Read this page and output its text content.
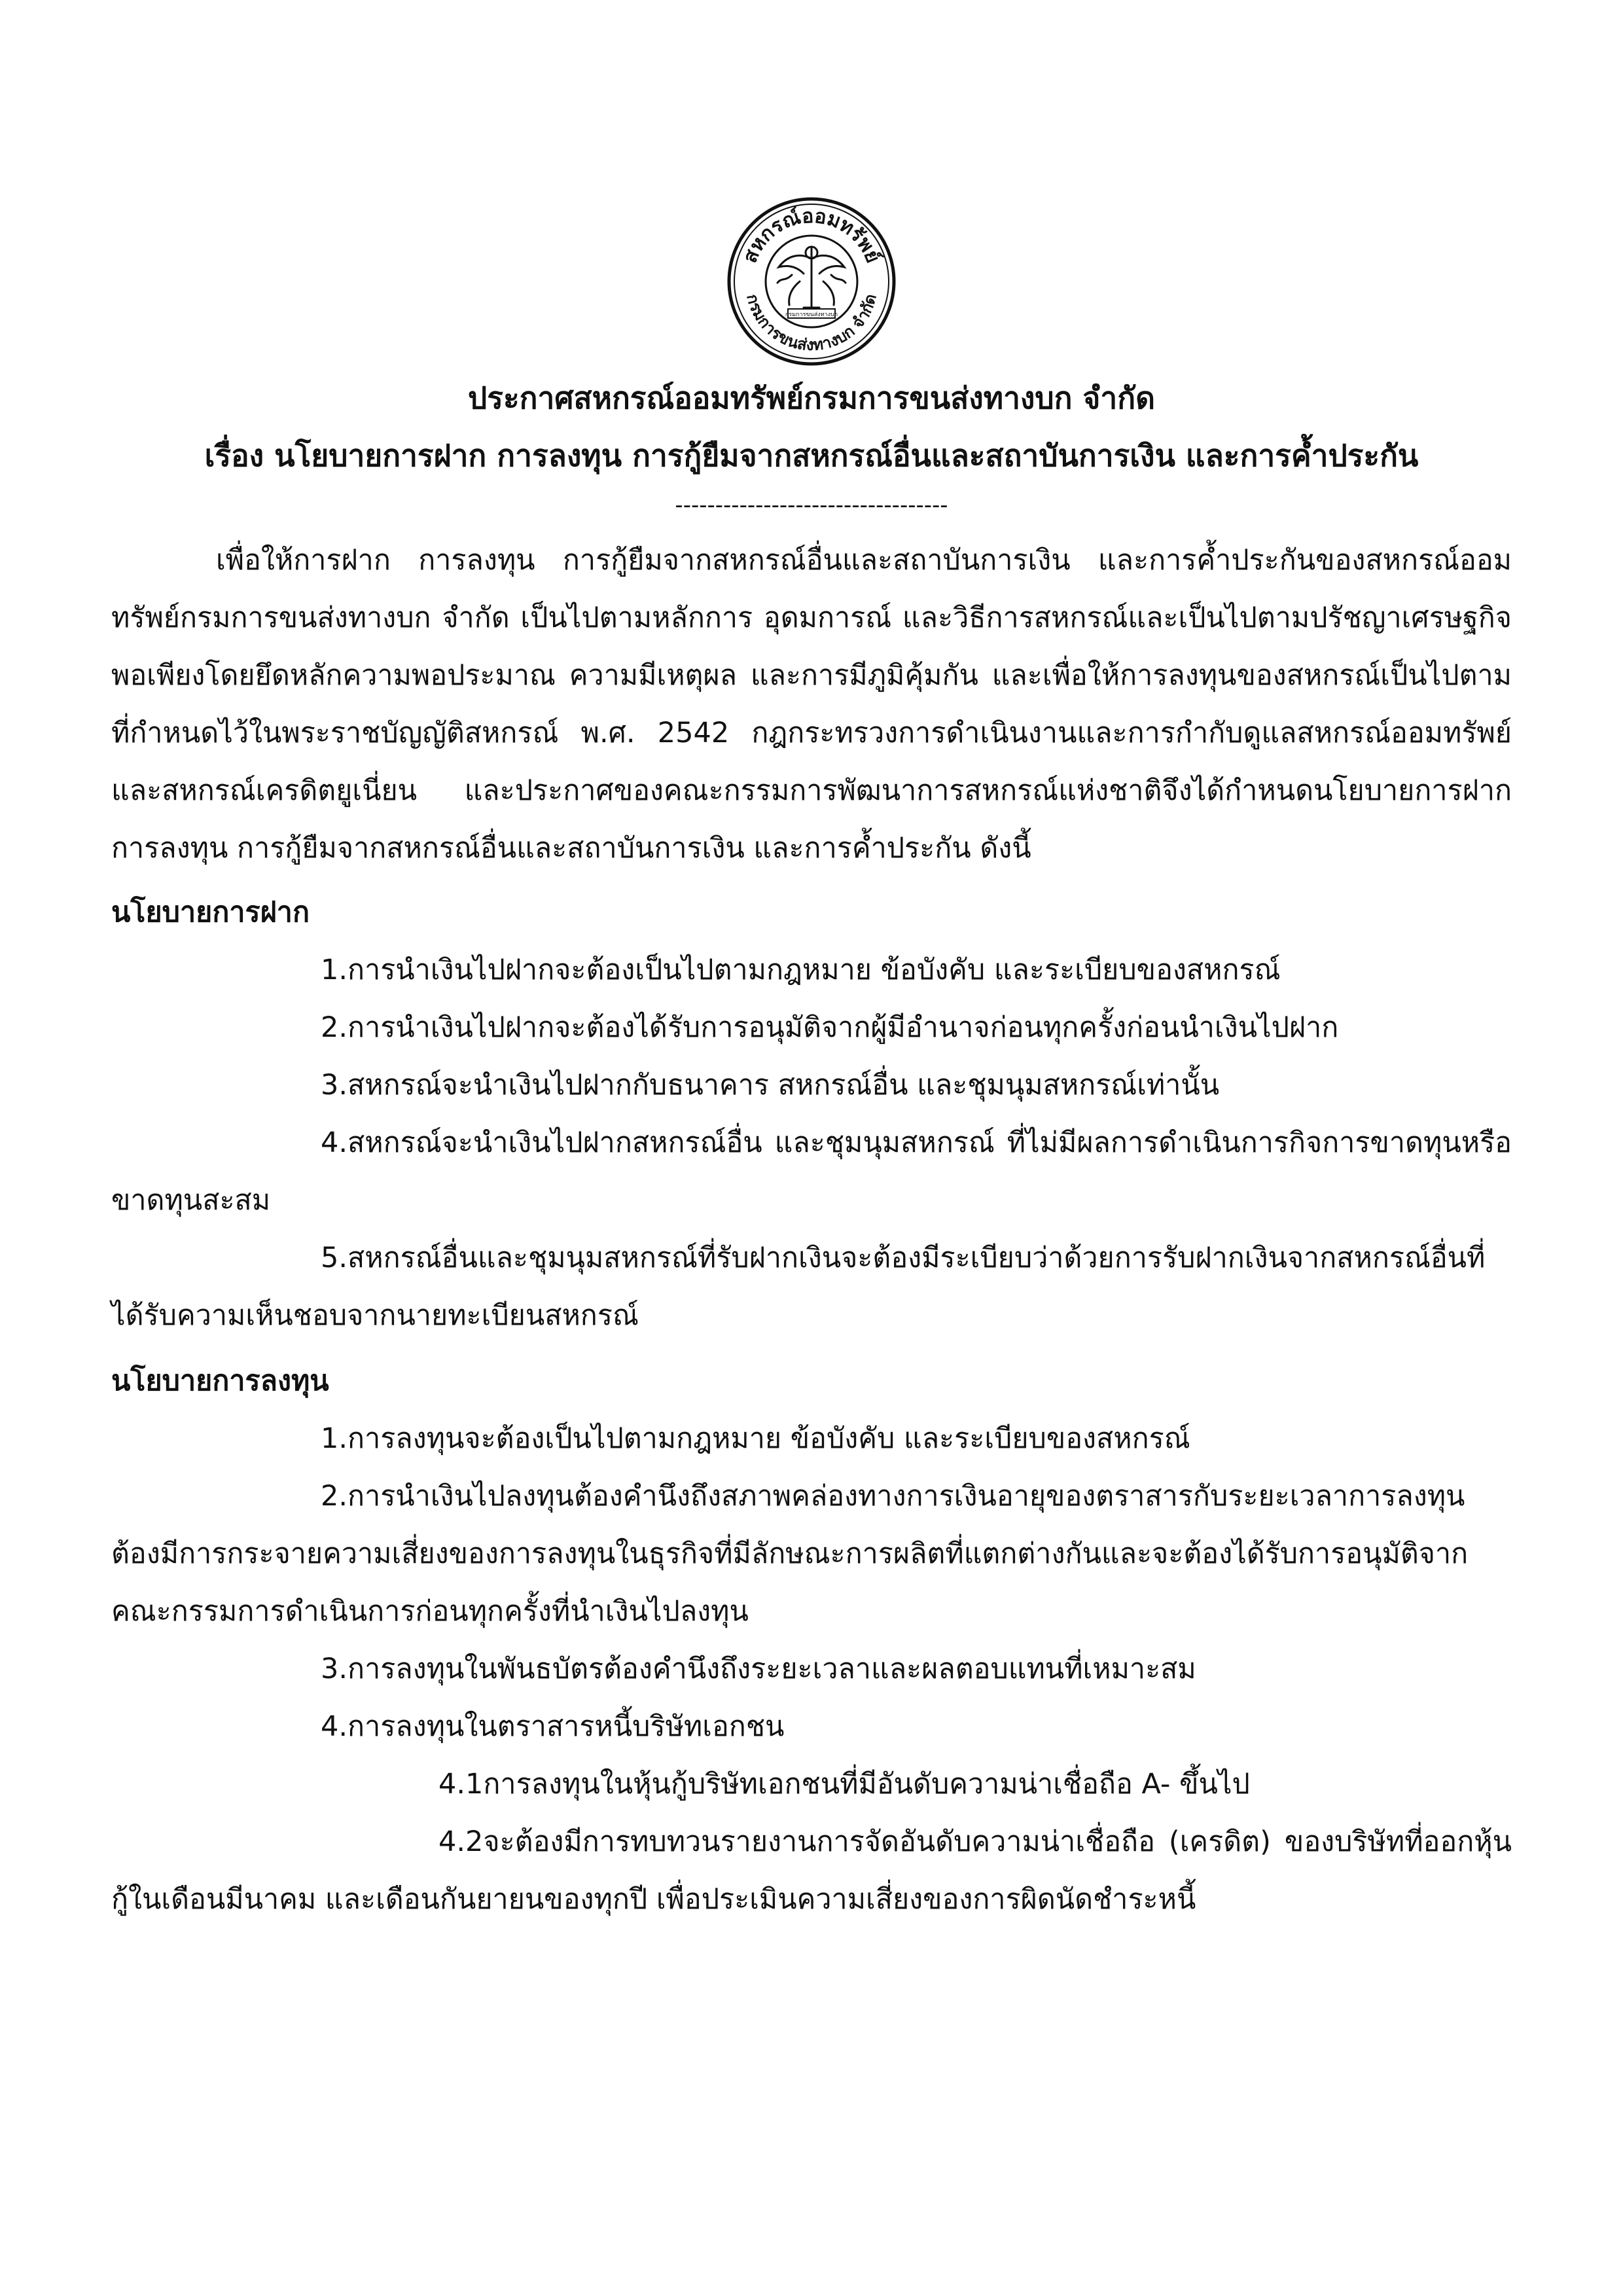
สหกรณ์ออมทรัพย์
กรมการขนส่งทางบก จำกัด
กรมการขนส่งทางบก
ประกาศสหกรณ์ออมทรัพย์กรมการขนส่งทางบก จำกัด
เรื่อง นโยบายการฝาก การลงทุน การกู้ยืมจากสหกรณ์อื่นและสถาบันการเงิน และการค้ำประกัน
----------------------------------

เพื่อให้การฝาก การลงทุน การกู้ยืมจากสหกรณ์อื่นและสถาบันการเงิน และการค้ำประกันของสหกรณ์ออมทรัพย์กรมการขนส่งทางบก จำกัด เป็นไปตามหลักการ อุดมการณ์ และวิธีการสหกรณ์และเป็นไปตามปรัชญาเศรษฐกิจพอเพียงโดยยึดหลักความพอประมาณ ความมีเหตุผล และการมีภูมิคุ้มกัน และเพื่อให้การลงทุนของสหกรณ์เป็นไปตามที่กำหนดไว้ในพระราชบัญญัติสหกรณ์ พ.ศ. 2542 กฎกระทรวงการดำเนินงานและการกำกับดูแลสหกรณ์ออมทรัพย์และสหกรณ์เครดิตยูเนี่ยน และประกาศของคณะกรรมการพัฒนาการสหกรณ์แห่งชาติจึงได้กำหนดนโยบายการฝาก การลงทุน การกู้ยืมจากสหกรณ์อื่นและสถาบันการเงิน และการค้ำประกัน ดังนี้

นโยบายการฝาก

1.การนำเงินไปฝากจะต้องเป็นไปตามกฎหมาย ข้อบังคับ และระเบียบของสหกรณ์

2.การนำเงินไปฝากจะต้องได้รับการอนุมัติจากผู้มีอำนาจก่อนทุกครั้งก่อนนำเงินไปฝาก

3.สหกรณ์จะนำเงินไปฝากกับธนาคาร สหกรณ์อื่น และชุมนุมสหกรณ์เท่านั้น

4.สหกรณ์จะนำเงินไปฝากสหกรณ์อื่น และชุมนุมสหกรณ์ ที่ไม่มีผลการดำเนินการกิจการขาดทุนหรือขาดทุนสะสม

5.สหกรณ์อื่นและชุมนุมสหกรณ์ที่รับฝากเงินจะต้องมีระเบียบว่าด้วยการรับฝากเงินจากสหกรณ์อื่นที่ได้รับความเห็นชอบจากนายทะเบียนสหกรณ์

นโยบายการลงทุน

1.การลงทุนจะต้องเป็นไปตามกฎหมาย ข้อบังคับ และระเบียบของสหกรณ์

2.การนำเงินไปลงทุนต้องคำนึงถึงสภาพคล่องทางการเงินอายุของตราสารกับระยะเวลาการลงทุนต้องมีการกระจายความเสี่ยงของการลงทุนในธุรกิจที่มีลักษณะการผลิตที่แตกต่างกันและจะต้องได้รับการอนุมัติจากคณะกรรมการดำเนินการก่อนทุกครั้งที่นำเงินไปลงทุน

3.การลงทุนในพันธบัตรต้องคำนึงถึงระยะเวลาและผลตอบแทนที่เหมาะสม

4.การลงทุนในตราสารหนี้บริษัทเอกชน

4.1การลงทุนในหุ้นกู้บริษัทเอกชนที่มีอันดับความน่าเชื่อถือ A- ขึ้นไป

4.2จะต้องมีการทบทวนรายงานการจัดอันดับความน่าเชื่อถือ (เครดิต) ของบริษัทที่ออกหุ้นกู้ในเดือนมีนาคม และเดือนกันยายนของทุกปี เพื่อประเมินความเสี่ยงของการผิดนัดชำระหนี้
